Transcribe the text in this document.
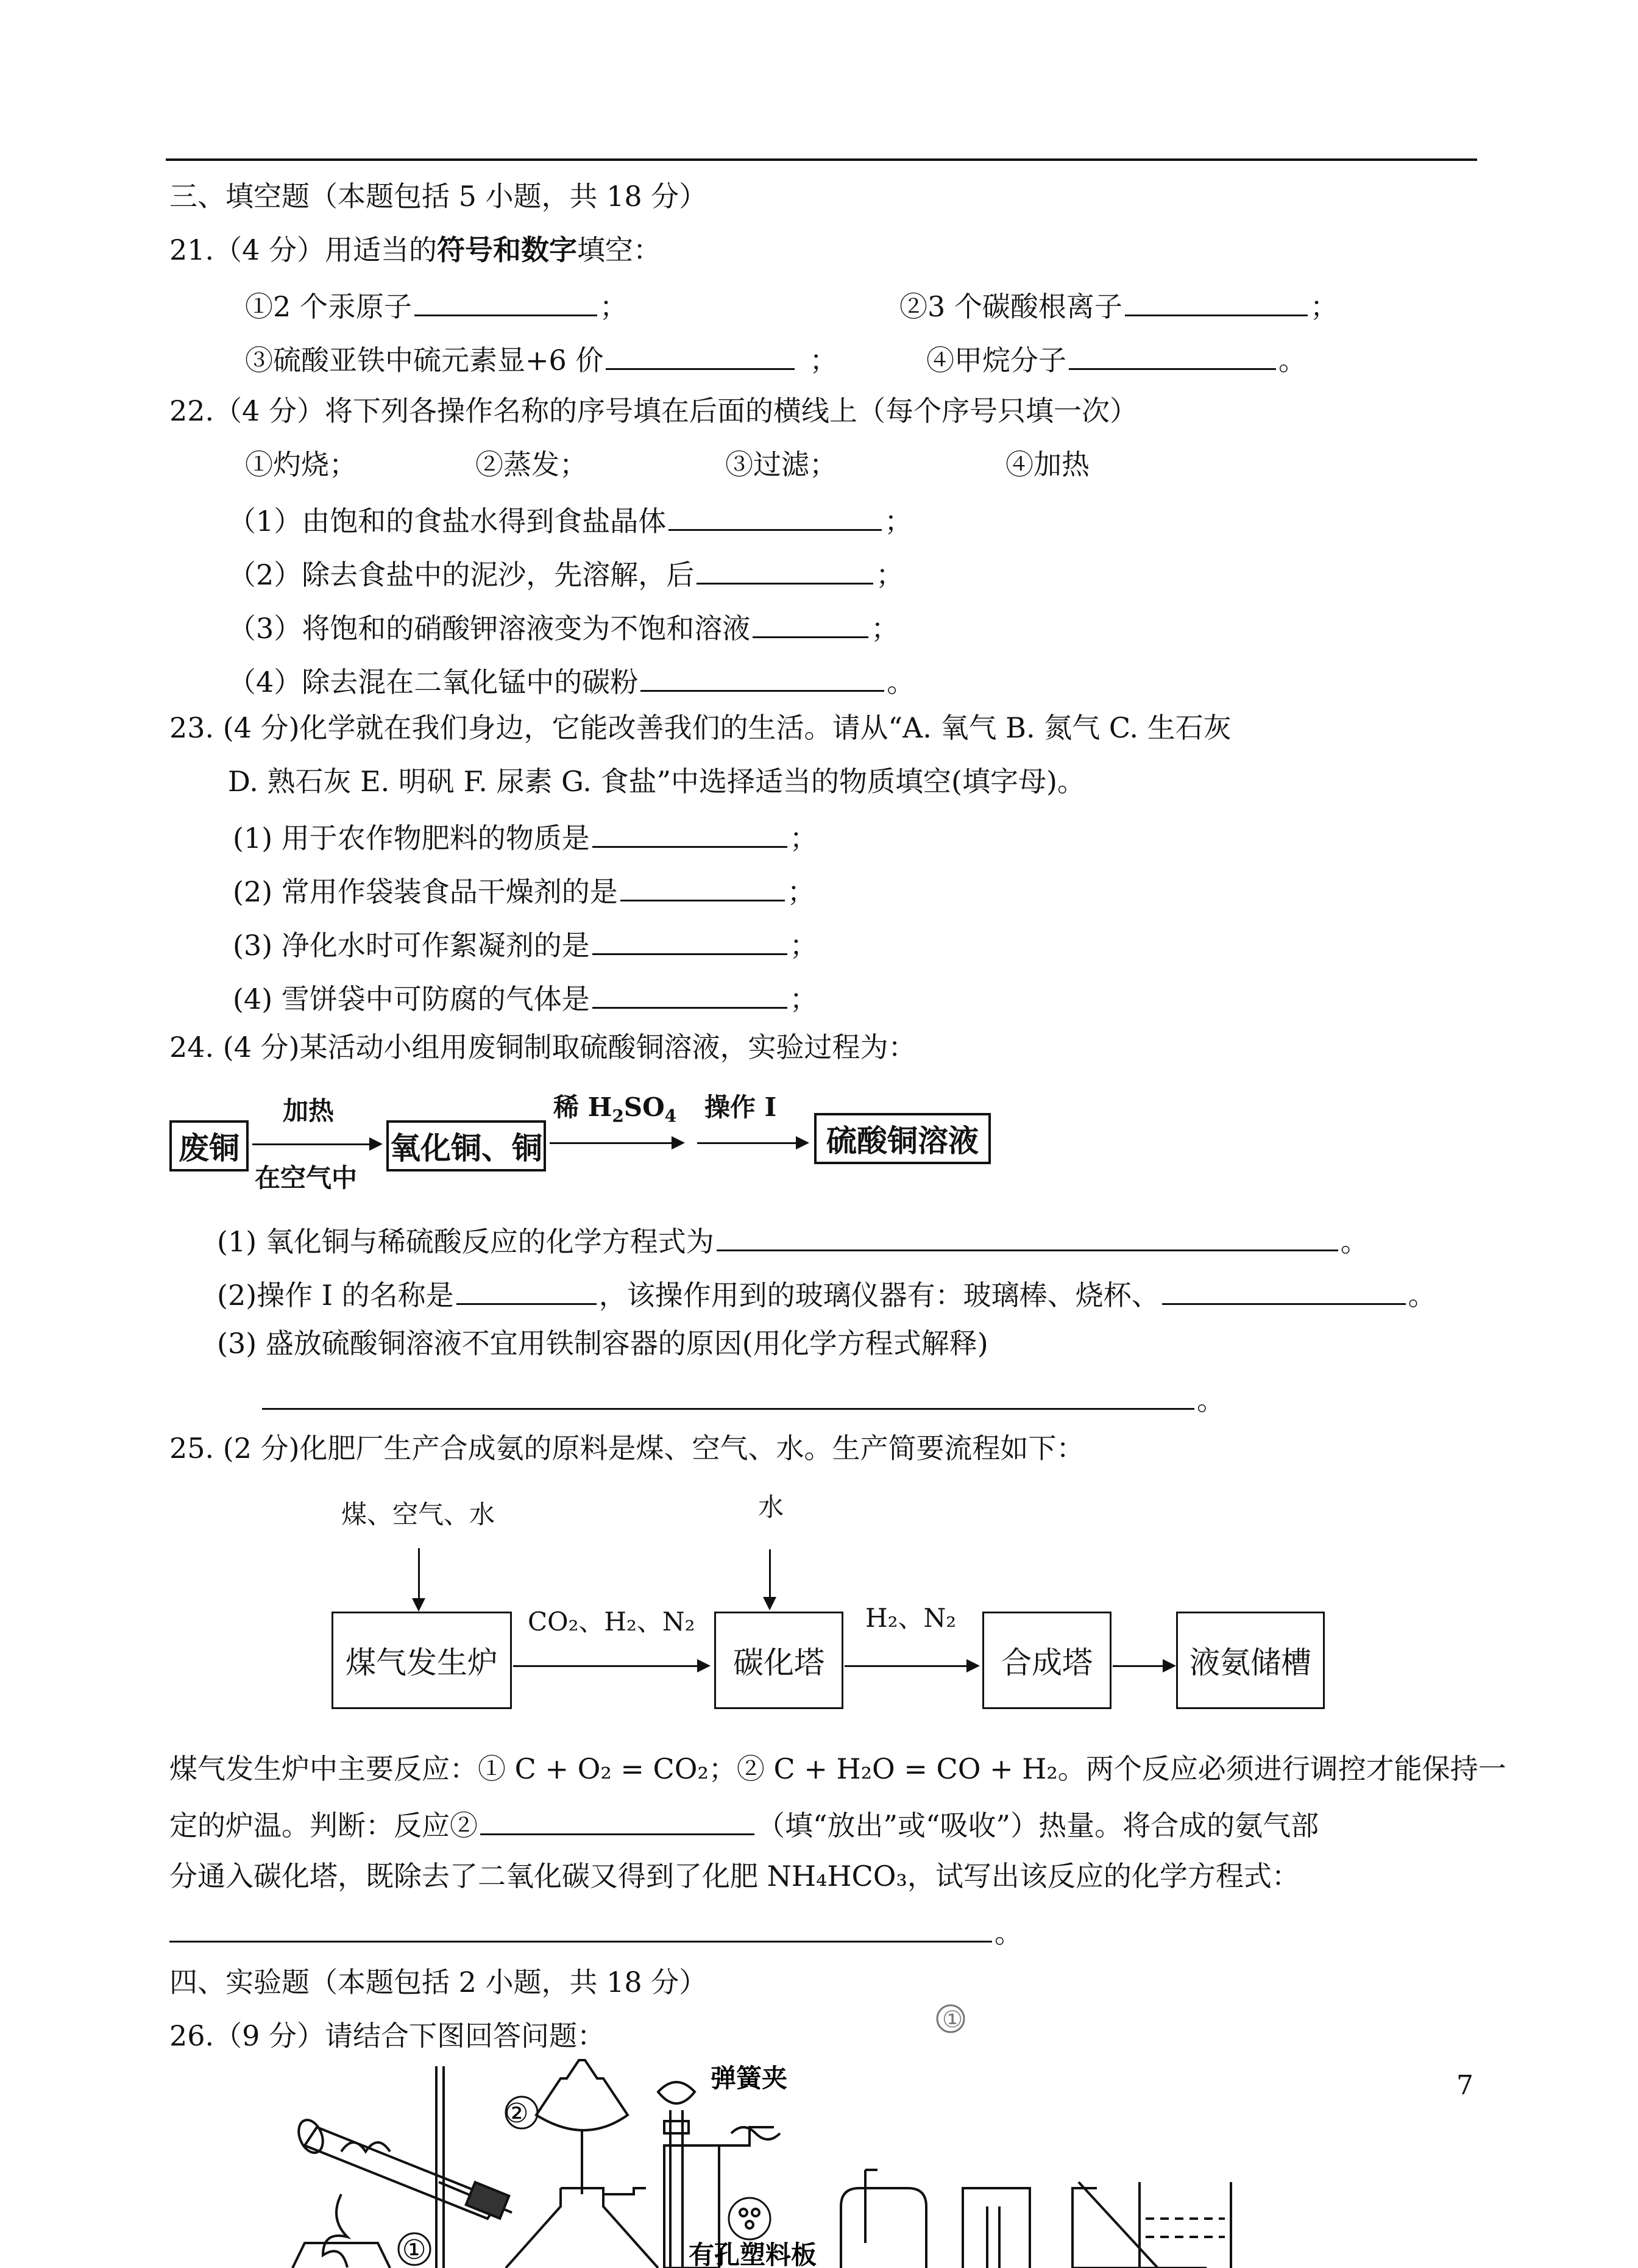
三、填空题（本题包括 5 小题，共 18 分）
21.（4 分）用适当的符号和数字填空：
①2 个汞原子	；	②3 个碳酸根离子	；
③硫酸亚铁中硫元素显+6 价	；	④甲烷分子	。
22.（4 分）将下列各操作名称的序号填在后面的横线上（每个序号只填一次）
①灼烧；	②蒸发；	③过滤；	④加热
（1）由饱和的食盐水得到食盐晶体	；
（2）除去食盐中的泥沙，先溶解，后	；
（3）将饱和的硝酸钾溶液变为不饱和溶液	；
（4）除去混在二氧化锰中的碳粉	。
23. (4 分)化学就在我们身边，它能改善我们的生活。请从“A. 氧气 B. 氮气 C. 生石灰
D. 熟石灰 E. 明矾 F. 尿素 G. 食盐”中选择适当的物质填空(填字母)。
(1) 用于农作物肥料的物质是	；
(2) 常用作袋装食品干燥剂的是	；
(3) 净化水时可作絮凝剂的是	；
(4) 雪饼袋中可防腐的气体是	；
24. (4 分)某活动小组用废铜制取硫酸铜溶液，实验过程为：
废铜
加热
在空气中
氧化铜、铜
稀 $H_2SO_4$ 操作 I
硫酸铜溶液
(1) 氧化铜与稀硫酸反应的化学方程式为	。
(2)操作 I 的名称是	，该操作用到的玻璃仪器有：玻璃棒、烧杯、	。
(3) 盛放硫酸铜溶液不宜用铁制容器的原因(用化学方程式解释)
。
25. (2 分)化肥厂生产合成氨的原料是煤、空气、水。生产简要流程如下：
煤、空气、水	水
煤气发生炉
CO₂、H₂、N₂
碳化塔
H₂、N₂
合成塔	液氨储槽
煤气发生炉中主要反应：① C + O₂ = CO₂；② C + H₂O = CO + H₂。两个反应必须进行调控才能保持一
定的炉温。判断：反应②	（填“放出”或“吸收”）热量。将合成的氨气部
分通入碳化塔，既除去了二氧化碳又得到了化肥 NH₄HCO₃，试写出该反应的化学方程式：
。
四、实验题（本题包括 2 小题，共 18 分）
26.（9 分）请结合下图回答问题：
7
②
①
①
弹簧夹
有孔塑料板
